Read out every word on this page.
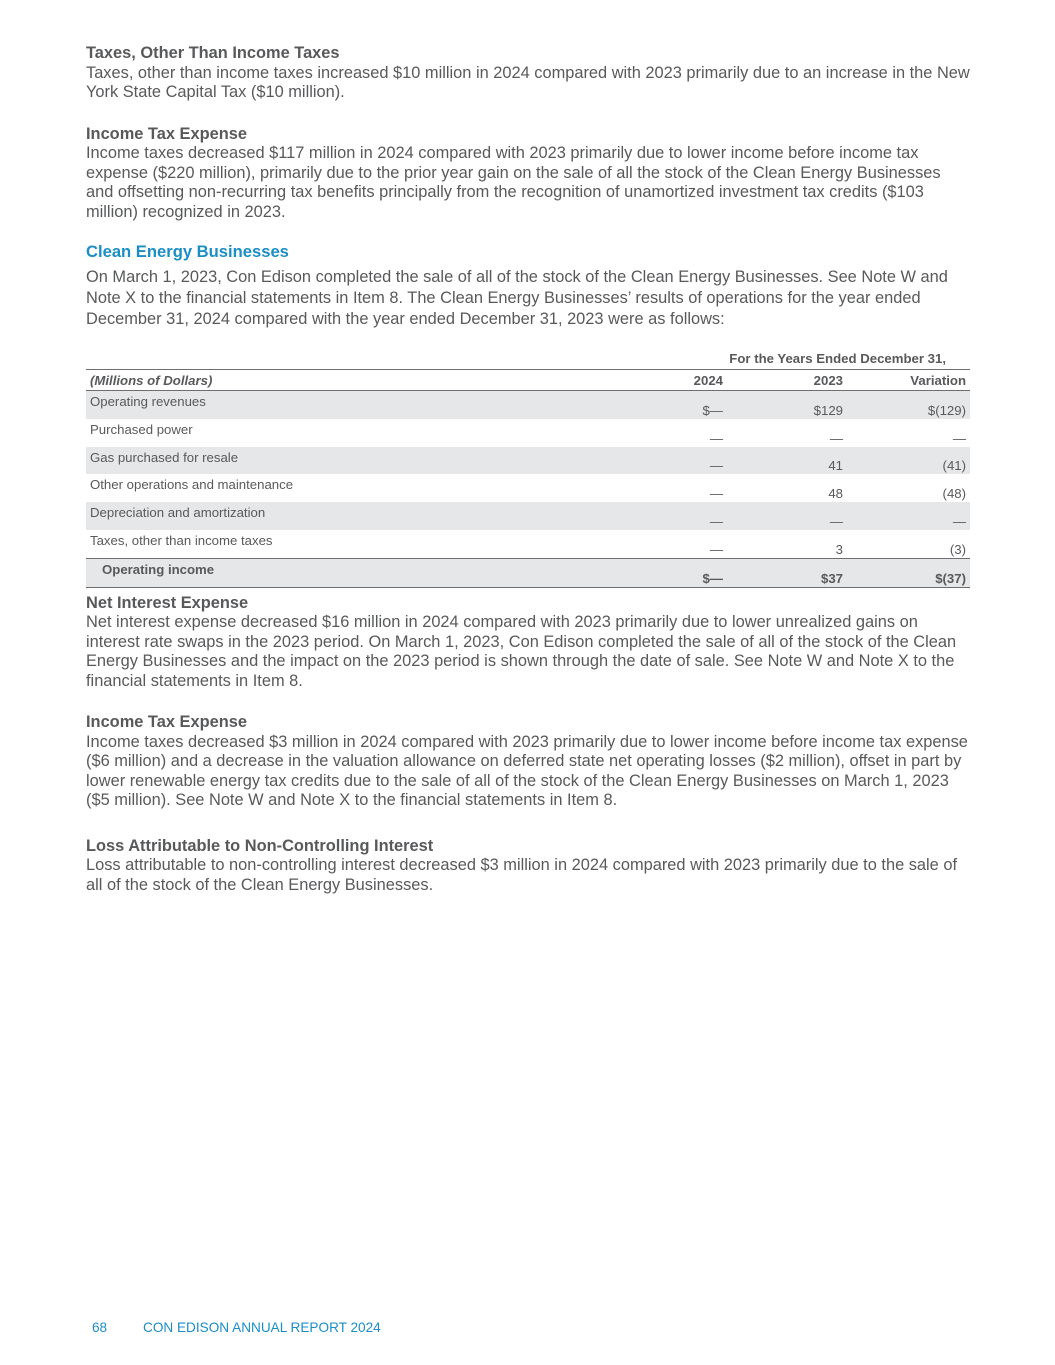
Taxes, Other Than Income Taxes

Taxes, other than income taxes increased $10 million in 2024 compared with 2023 primarily due to an increase in the New York State Capital Tax ($10 million).

Income Tax Expense

Income taxes decreased $117 million in 2024 compared with 2023 primarily due to lower income before income tax expense ($220 million), primarily due to the prior year gain on the sale of all the stock of the Clean Energy Businesses and offsetting non-recurring tax benefits principally from the recognition of unamortized investment tax credits ($103 million) recognized in 2023.

Clean Energy Businesses

On March 1, 2023, Con Edison completed the sale of all of the stock of the Clean Energy Businesses. See Note W and Note X to the financial statements in Item 8. The Clean Energy Businesses’ results of operations for the year ended December 31, 2024 compared with the year ended December 31, 2023 were as follows:

	For the Years Ended December 31,		
(Millions of Dollars)	2024	2023	Variation
Operating revenues	$—	$129	$(129)
Purchased power	—	—	—
Gas purchased for resale	—	41	(41)
Other operations and maintenance	—	48	(48)
Depreciation and amortization	—	—	—
Taxes, other than income taxes	—	3	(3)
Operating income	$—	$37	$(37)
Net Interest Expense

Net interest expense decreased $16 million in 2024 compared with 2023 primarily due to lower unrealized gains on interest rate swaps in the 2023 period. On March 1, 2023, Con Edison completed the sale of all of the stock of the Clean Energy Businesses and the impact on the 2023 period is shown through the date of sale. See Note W and Note X to the financial statements in Item 8.

Income Tax Expense

Income taxes decreased $3 million in 2024 compared with 2023 primarily due to lower income before income tax expense ($6 million) and a decrease in the valuation allowance on deferred state net operating losses ($2 million), offset in part by lower renewable energy tax credits due to the sale of all of the stock of the Clean Energy Businesses on March 1, 2023 ($5 million). See Note W and Note X to the financial statements in Item 8.

Loss Attributable to Non-Controlling Interest

Loss attributable to non-controlling interest decreased $3 million in 2024 compared with 2023 primarily due to the sale of all of the stock of the Clean Energy Businesses.

68	CON EDISON ANNUAL REPORT 2024
